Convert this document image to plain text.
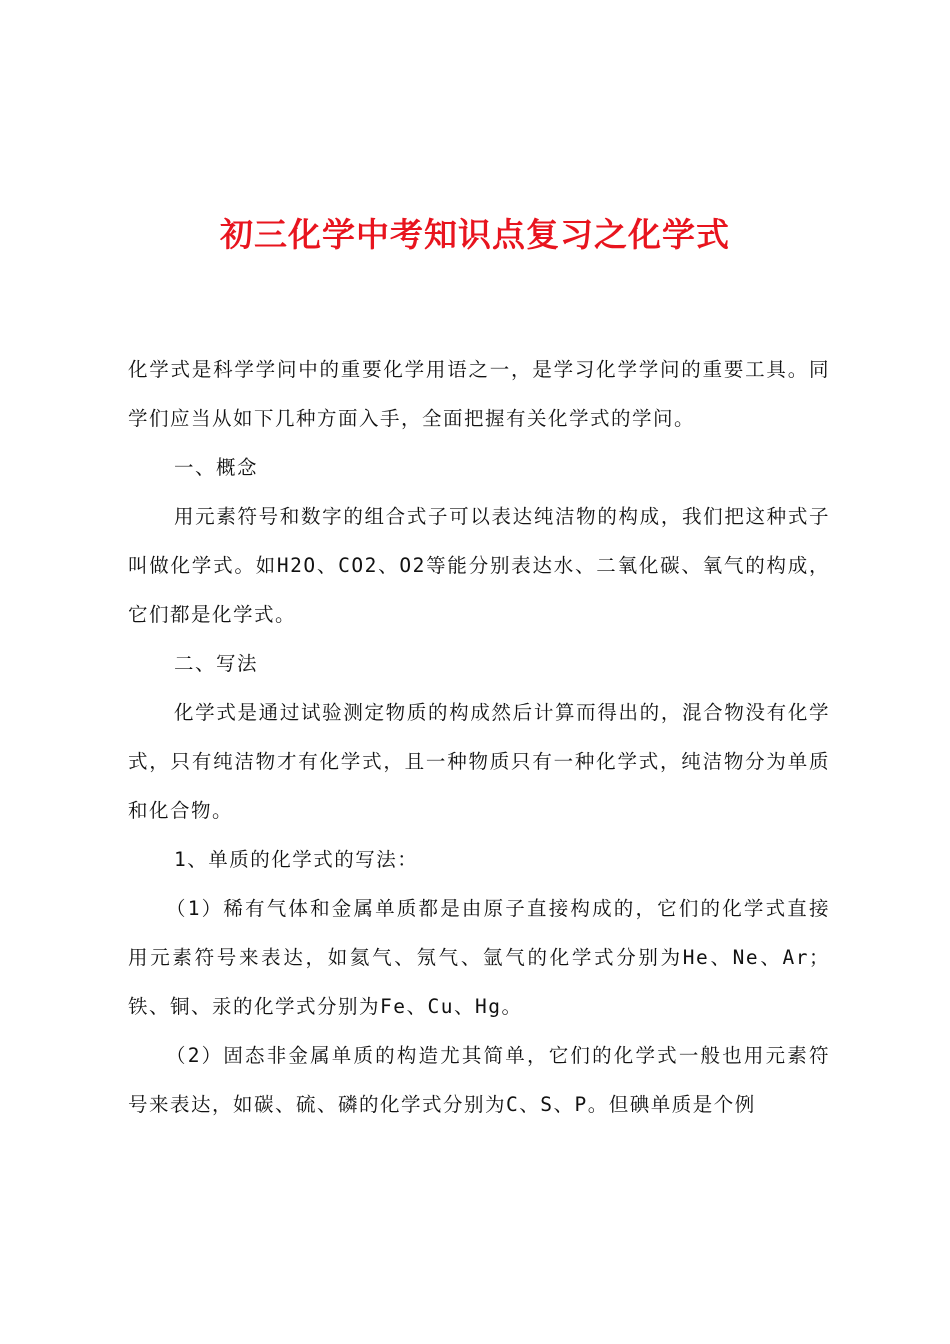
初三化学中考知识点复习之化学式

化学式是科学学问中的重要化学用语之一，是学习化学学问的重要工具。同学们应当从如下几种方面入手，全面把握有关化学式的学问。

一、概念

用元素符号和数字的组合式子可以表达纯洁物的构成，我们把这种式子叫做化学式。如H2O、CO2、O2等能分别表达水、二氧化碳、氧气的构成，它们都是化学式。

二、写法

化学式是通过试验测定物质的构成然后计算而得出的，混合物没有化学式，只有纯洁物才有化学式，且一种物质只有一种化学式，纯洁物分为单质和化合物。

1、单质的化学式的写法：

（1）稀有气体和金属单质都是由原子直接构成的，它们的化学式直接用元素符号来表达，如氦气、氖气、氩气的化学式分别为He、Ne、Ar；铁、铜、汞的化学式分别为Fe、Cu、Hg。

（2）固态非金属单质的构造尤其简单，它们的化学式一般也用元素符号来表达，如碳、硫、磷的化学式分别为C、S、P。但碘单质是个例
